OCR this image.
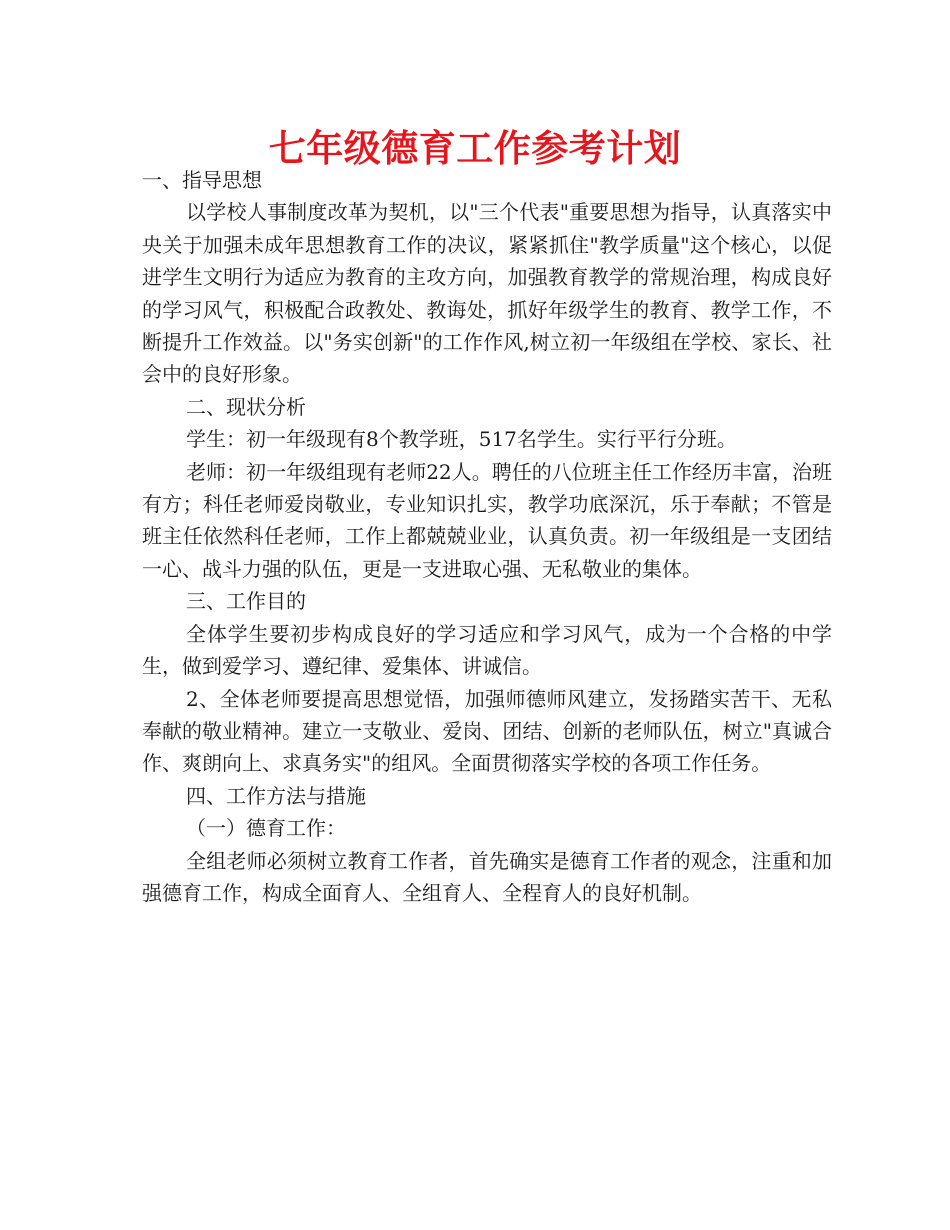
七年级德育工作参考计划

一、指导思想

以学校人事制度改革为契机，以"三个代表"重要思想为指导，认真落实中央关于加强未成年思想教育工作的决议，紧紧抓住"教学质量"这个核心，以促进学生文明行为适应为教育的主攻方向，加强教育教学的常规治理，构成良好的学习风气，积极配合政教处、教诲处，抓好年级学生的教育、教学工作，不断提升工作效益。以"务实创新"的工作作风,树立初一年级组在学校、家长、社会中的良好形象。

二、现状分析

学生：初一年级现有8个教学班，517名学生。实行平行分班。

老师：初一年级组现有老师22人。聘任的八位班主任工作经历丰富，治班有方；科任老师爱岗敬业，专业知识扎实，教学功底深沉，乐于奉献；不管是班主任依然科任老师，工作上都兢兢业业，认真负责。初一年级组是一支团结一心、战斗力强的队伍，更是一支进取心强、无私敬业的集体。

三、工作目的

全体学生要初步构成良好的学习适应和学习风气，成为一个合格的中学生，做到爱学习、遵纪律、爱集体、讲诚信。

2、全体老师要提高思想觉悟，加强师德师风建立，发扬踏实苦干、无私奉献的敬业精神。建立一支敬业、爱岗、团结、创新的老师队伍，树立"真诚合作、爽朗向上、求真务实"的组风。全面贯彻落实学校的各项工作任务。

四、工作方法与措施

（一）德育工作：

全组老师必须树立教育工作者，首先确实是德育工作者的观念，注重和加强德育工作，构成全面育人、全组育人、全程育人的良好机制。
